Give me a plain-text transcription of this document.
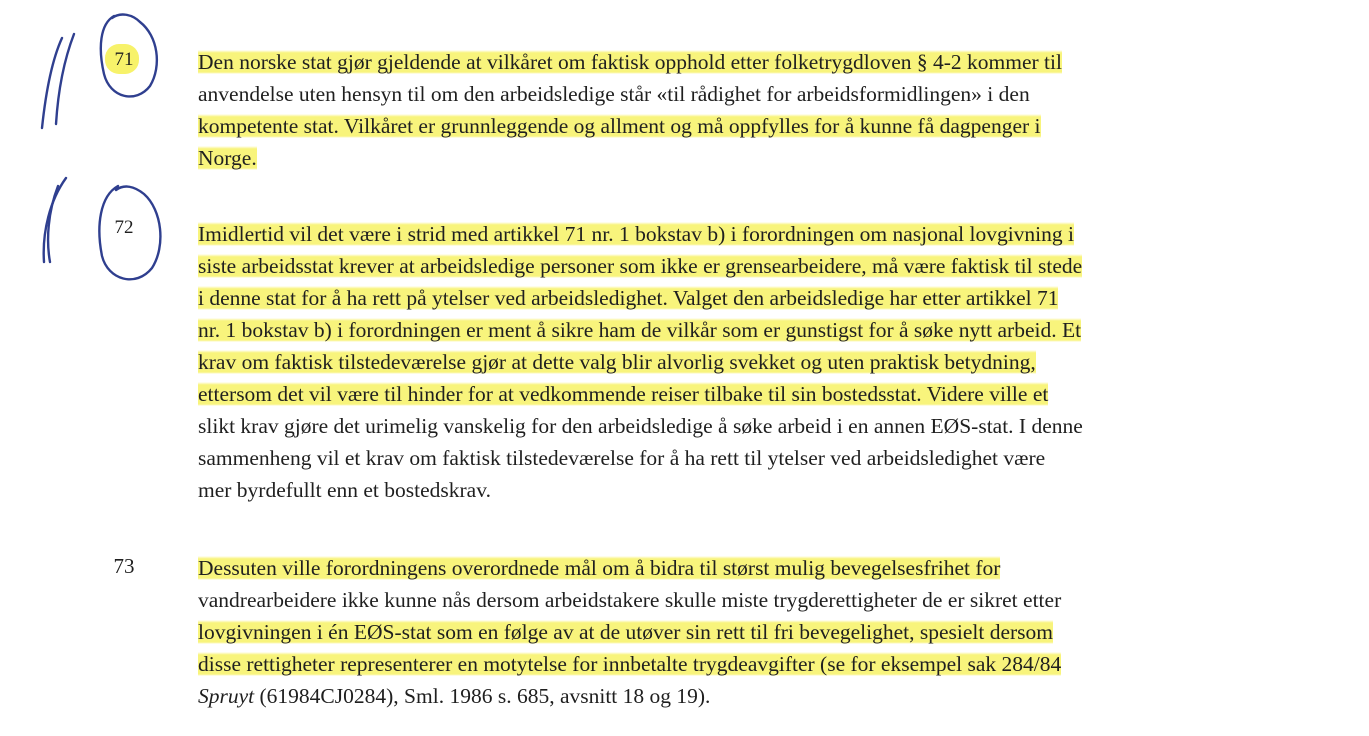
71	Den norske stat gjør gjeldende at vilkåret om faktisk opphold etter folketrygdloven § 4-2 kommer til
anvendelse uten hensyn til om den arbeidsledige står «til rådighet for arbeidsformidlingen» i den
kompetente stat. Vilkåret er grunnleggende og allment og må oppfylles for å kunne få dagpenger i
Norge.
72	Imidlertid vil det være i strid med artikkel 71 nr. 1 bokstav b) i forordningen om nasjonal lovgivning i
siste arbeidsstat krever at arbeidsledige personer som ikke er grensearbeidere, må være faktisk til stede
i denne stat for å ha rett på ytelser ved arbeidsledighet. Valget den arbeidsledige har etter artikkel 71
nr. 1 bokstav b) i forordningen er ment å sikre ham de vilkår som er gunstigst for å søke nytt arbeid. Et
krav om faktisk tilstedeværelse gjør at dette valg blir alvorlig svekket og uten praktisk betydning,
ettersom det vil være til hinder for at vedkommende reiser tilbake til sin bostedsstat. Videre ville et
slikt krav gjøre det urimelig vanskelig for den arbeidsledige å søke arbeid i en annen EØS-stat. I denne
sammenheng vil et krav om faktisk tilstedeværelse for å ha rett til ytelser ved arbeidsledighet være
mer byrdefullt enn et bostedskrav.
73	Dessuten ville forordningens overordnede mål om å bidra til størst mulig bevegelsesfrihet for
vandrearbeidere ikke kunne nås dersom arbeidstakere skulle miste trygderettigheter de er sikret etter
lovgivningen i én EØS-stat som en følge av at de utøver sin rett til fri bevegelighet, spesielt dersom
disse rettigheter representerer en motytelse for innbetalte trygdeavgifter (se for eksempel sak 284/84
Spruyt (61984CJ0284), Sml. 1986 s. 685, avsnitt 18 og 19).
